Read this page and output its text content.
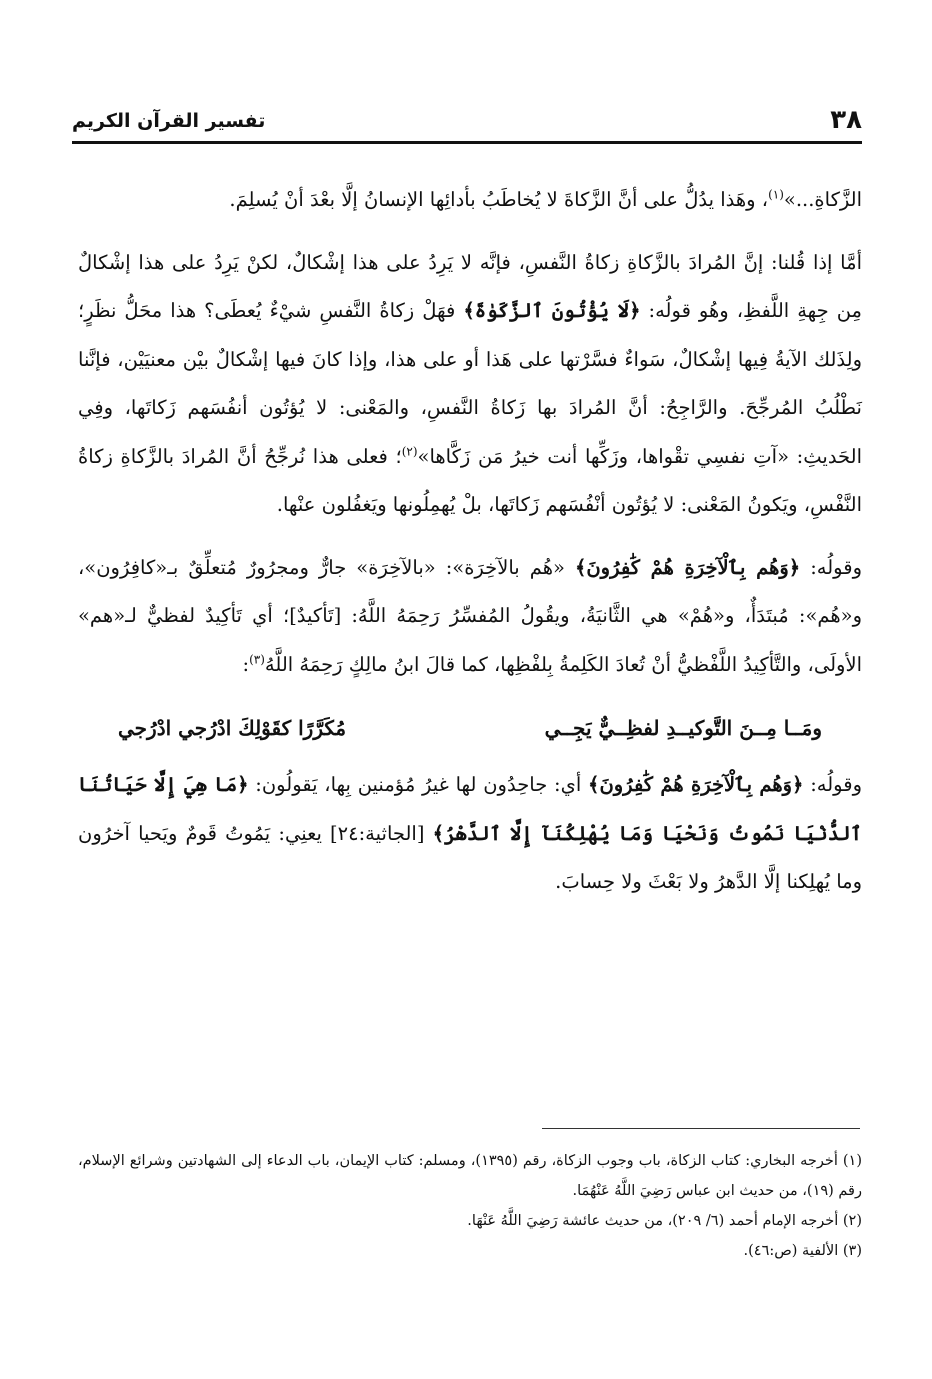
٣٨
تفسير القرآن الكريم

الزَّكاةِ...»$^{(١)}$، وهَذا يدُلُّ على أنَّ الزَّكاةَ لا يُخاطَبُ بأدائِها الإنسانُ إلَّا بعْدَ أنْ يُسلِمَ.

أمَّا إذا قُلنا: إنَّ المُرادَ بالزَّكاةِ زكاةُ النَّفسِ، فإنَّه لا يَرِدُ على هذا إشْكالٌ، لكنْ يَرِدُ على هذا إشْكالٌ مِن جِهةِ اللَّفظِ، وهُو قولُه: ﴿لَا يُؤْتُونَ ٱلزَّكَوٰةَ﴾ فهَلْ زكاةُ النَّفسِ شيْءٌ يُعطَى؟ هذا محَلُّ نظَرٍ؛ ولِذَلك الآيةُ فِيها إشْكالٌ، سَواءٌ فسَّرْتها على هَذا أو على هذا، وإذا كانَ فيها إشْكالٌ بيْن معنيَيْن، فإنَّنا نَطْلُبُ المُرجِّحَ. والرَّاجِحُ: أنَّ المُرادَ بها زَكاةُ النَّفسِ، والمَعْنى: لا يُؤتُون أنفُسَهم زَكاتَها، وفِي الحَديثِ: «آتِ نفسِي تقْواها، وزَكِّها أنت خيرُ مَن زَكَّاها»$^{(٢)}$؛ فعلى هذا نُرجِّحُ أنَّ المُرادَ بالزَّكاةِ زكاةُ النَّفْسِ، ويَكونُ المَعْنى: لا يُؤتُون أنْفُسَهم زَكاتَها، بلْ يُهمِلُونها ويَغفُلون عنْها.

وقولُه: ﴿وَهُم بِٱلْآخِرَةِ هُمْ كَٰفِرُونَ﴾ «هُم بالآخِرَة»: «بالآخِرَة» جارٌّ ومجرُورٌ مُتعلِّقٌ بـ«كافِرُون»، و«هُم»: مُبتَدَأٌ، و«هُمْ» هي الثَّانيَةُ، ويقُولُ المُفسِّرُ رَحِمَهُ اللَّهُ: [تَأكيدٌ]؛ أي تَأكِيدٌ لفظيٌّ لـ«هم» الأولَى، والتَّأكِيدُ اللَّفْظيُّ أنْ تُعادَ الكَلِمةُ بِلفْظِها، كما قالَ ابنُ مالِكٍ رَحِمَهُ اللَّهُ$^{(٣)}$:

ومَــا مِــنَ التَّوكيــدِ لفظِــيٌّ يَجِــي
مُكَرَّرًا كقَوْلِكَ ادْرُجي ادْرُجي

وقولُه: ﴿وَهُم بِٱلْآخِرَةِ هُمْ كَٰفِرُونَ﴾ أي: جاحِدُون لها غيرُ مُؤمنين بِها، يَقولُون: ﴿مَا هِيَ إِلَّا حَيَاتُنَا ٱلدُّنْيَا نَمُوتُ وَنَحْيَا وَمَا يُهْلِكُنَآ إِلَّا ٱلدَّهْرُ﴾ [الجاثية:٢٤] يعنِي: يَمُوتُ قَومٌ ويَحيا آخرُون وما يُهلِكنا إلَّا الدَّهرُ ولا بَعْثَ ولا حِسابَ.

(١) أخرجه البخاري: كتاب الزكاة، باب وجوب الزكاة، رقم (١٣٩٥)، ومسلم: كتاب الإيمان، باب الدعاء إلى الشهادتين وشرائع الإسلام، رقم (١٩)، من حديث ابن عباس رَضِيَ اللَّهُ عَنْهُمَا.

(٢) أخرجه الإمام أحمد (٦/ ٢٠٩)، من حديث عائشة رَضِيَ اللَّهُ عَنْهَا.

(٣) الألفية (ص:٤٦).
